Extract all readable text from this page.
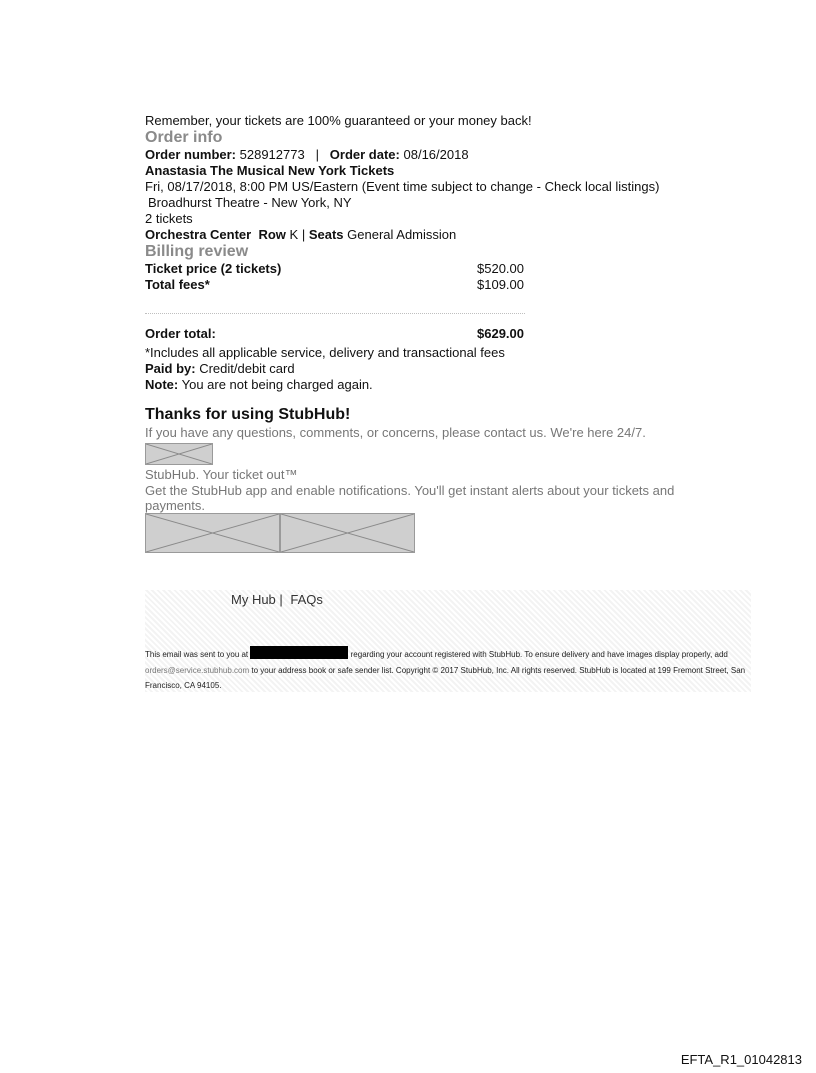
Remember, your tickets are 100% guaranteed or your money back!
Order info
Order number: 528912773 | Order date: 08/16/2018
Anastasia The Musical New York Tickets
Fri, 08/17/2018, 8:00 PM US/Eastern (Event time subject to change - Check local listings)
Broadhurst Theatre - New York, NY
2 tickets
Orchestra Center Row K | Seats General Admission
Billing review
Ticket price (2 tickets)	$520.00
Total fees*	$109.00
Order total:	$629.00
*Includes all applicable service, delivery and transactional fees
Paid by: Credit/debit card
Note: You are not being charged again.
Thanks for using StubHub!
If you have any questions, comments, or concerns, please contact us. We're here 24/7.
StubHub. Your ticket out™
Get the StubHub app and enable notifications. You'll get instant alerts about your tickets and payments.
My Hub | FAQs
This email was sent to you at	regarding your account registered with StubHub. To ensure delivery and have images display properly, add orders@service.stubhub.com to your address book or safe sender list. Copyright © 2017 StubHub, Inc. All rights reserved. StubHub is located at 199 Fremont Street, San Francisco, CA 94105.
EFTA_R1_01042813
